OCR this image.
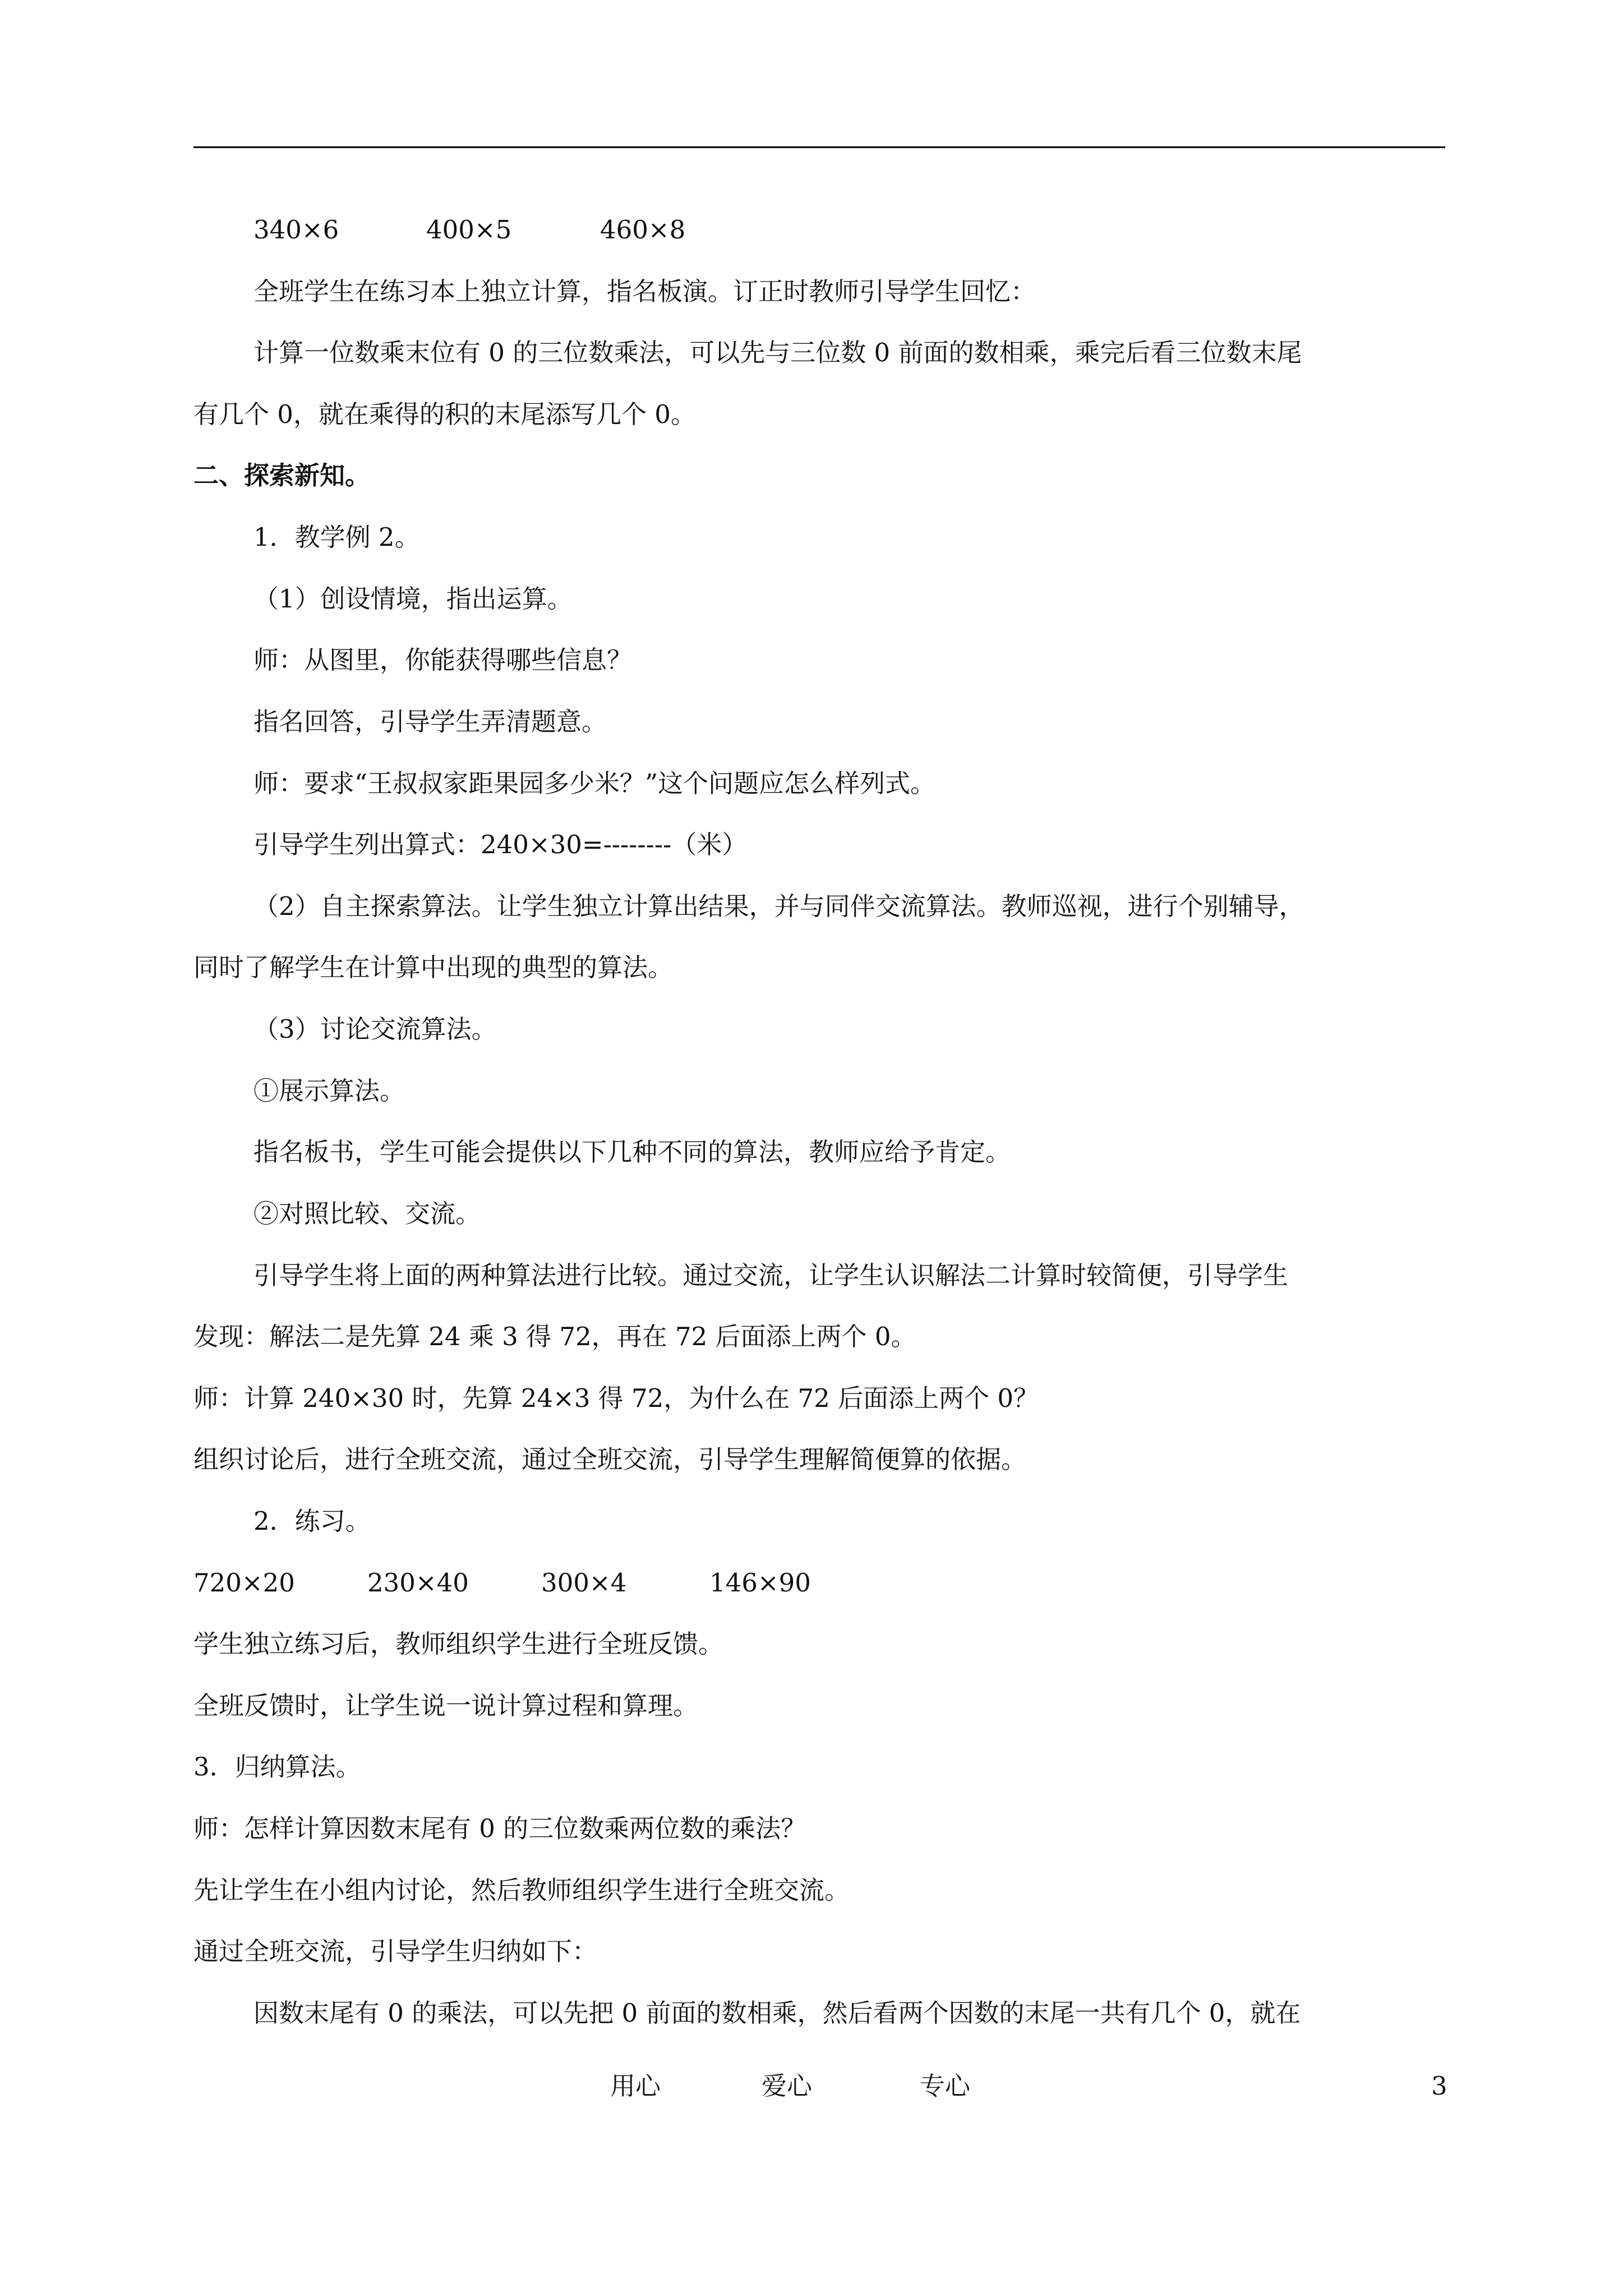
340×6	400×5	460×8
全班学生在练习本上独立计算，指名板演。订正时教师引导学生回忆：
计算一位数乘末位有 0 的三位数乘法，可以先与三位数 0 前面的数相乘，乘完后看三位数末尾
有几个 0，就在乘得的积的末尾添写几个 0。
二、探索新知。
1．教学例 2。
（1）创设情境，指出运算。
师：从图里，你能获得哪些信息？
指名回答，引导学生弄清题意。
师：要求“王叔叔家距果园多少米？”这个问题应怎么样列式。
引导学生列出算式：240×30=--------（米）
（2）自主探索算法。让学生独立计算出结果，并与同伴交流算法。教师巡视，进行个别辅导，
同时了解学生在计算中出现的典型的算法。
（3）讨论交流算法。
①展示算法。
指名板书，学生可能会提供以下几种不同的算法，教师应给予肯定。
②对照比较、交流。
引导学生将上面的两种算法进行比较。通过交流，让学生认识解法二计算时较简便，引导学生
发现：解法二是先算 24 乘 3 得 72，再在 72 后面添上两个 0。
师：计算 240×30 时，先算 24×3 得 72，为什么在 72 后面添上两个 0？
组织讨论后，进行全班交流，通过全班交流，引导学生理解简便算的依据。
2．练习。
720×20	230×40	300×4	146×90
学生独立练习后，教师组织学生进行全班反馈。
全班反馈时，让学生说一说计算过程和算理。
3．归纳算法。
师：怎样计算因数末尾有 0 的三位数乘两位数的乘法？
先让学生在小组内讨论，然后教师组织学生进行全班交流。
通过全班交流，引导学生归纳如下：
因数末尾有 0 的乘法，可以先把 0 前面的数相乘，然后看两个因数的末尾一共有几个 0，就在
用心	爱心	专心	3
